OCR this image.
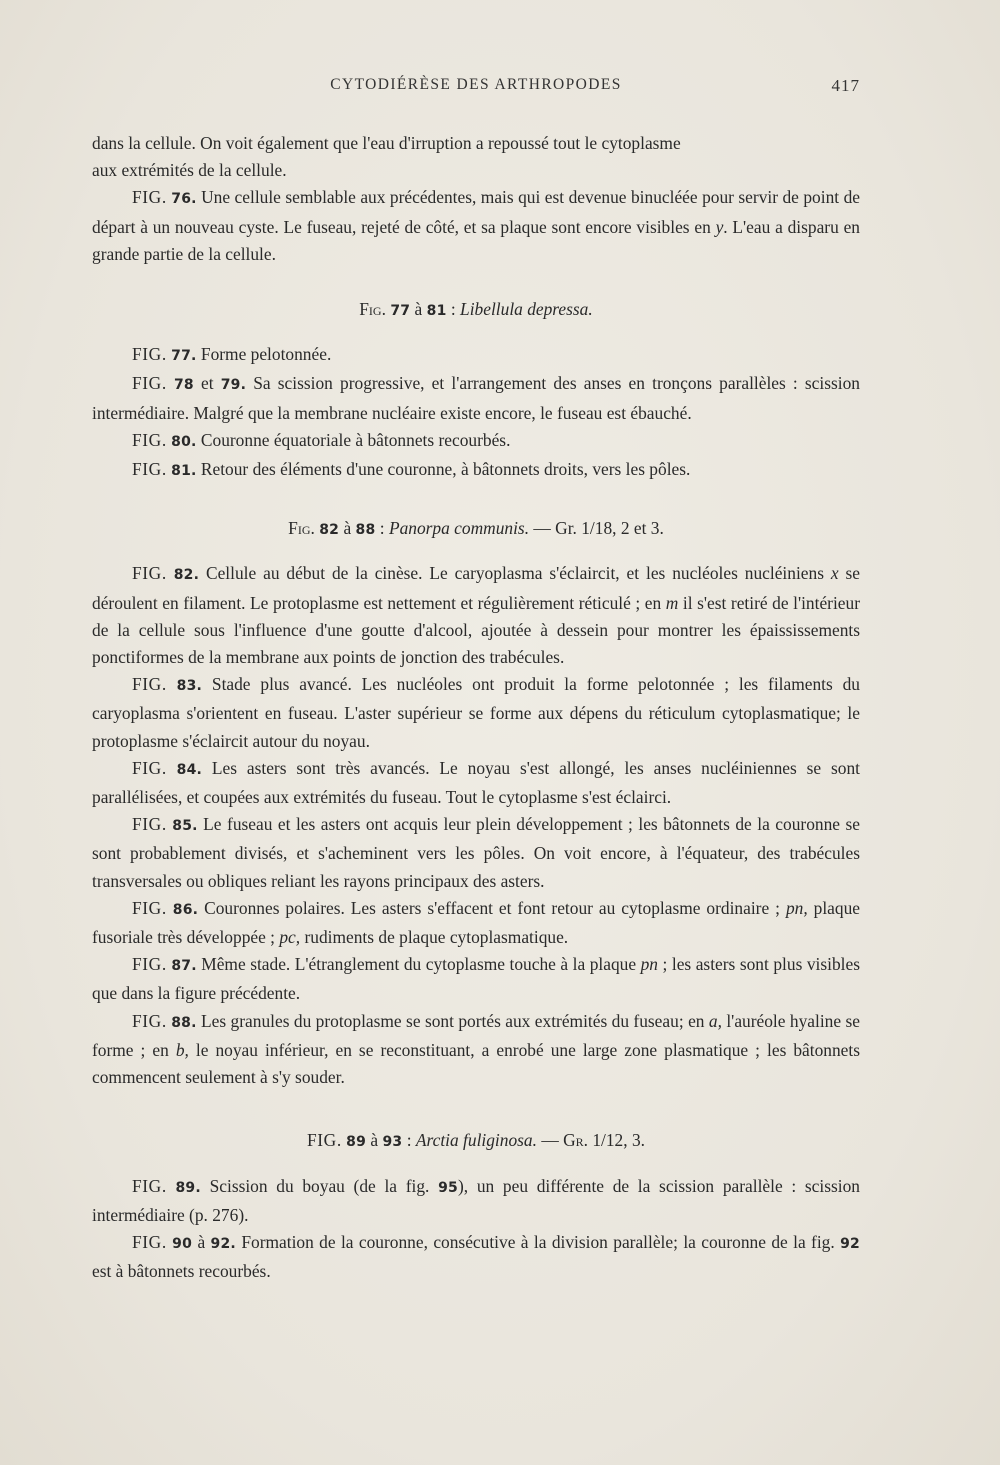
CYTODIÉRÈSE DES ARTHROPODES	417

dans la cellule. On voit également que l'eau d'irruption a repoussé tout le cytoplasme
aux extrémités de la cellule.

FIG. 76. Une cellule semblable aux précédentes, mais qui est devenue binucléée pour servir de point de départ à un nouveau cyste. Le fuseau, rejeté de côté, et sa plaque sont encore visibles en y. L'eau a disparu en grande partie de la cellule.

Fig. 77 à 81 : Libellula depressa.

FIG. 77. Forme pelotonnée.

FIG. 78 et 79. Sa scission progressive, et l'arrangement des anses en tronçons parallèles : scission intermédiaire. Malgré que la membrane nucléaire existe encore, le fuseau est ébauché.

FIG. 80. Couronne équatoriale à bâtonnets recourbés.

FIG. 81. Retour des éléments d'une couronne, à bâtonnets droits, vers les pôles.

Fig. 82 à 88 : Panorpa communis. — Gr. 1/18, 2 et 3.

FIG. 82. Cellule au début de la cinèse. Le caryoplasma s'éclaircit, et les nucléoles nucléiniens x se déroulent en filament. Le protoplasme est nettement et régulièrement réticulé ; en m il s'est retiré de l'intérieur de la cellule sous l'influence d'une goutte d'alcool, ajoutée à dessein pour montrer les épaississements ponctiformes de la membrane aux points de jonction des trabécules.

FIG. 83. Stade plus avancé. Les nucléoles ont produit la forme pelotonnée ; les filaments du caryoplasma s'orientent en fuseau. L'aster supérieur se forme aux dépens du réticulum cytoplasmatique; le protoplasme s'éclaircit autour du noyau.

FIG. 84. Les asters sont très avancés. Le noyau s'est allongé, les anses nucléiniennes se sont parallélisées, et coupées aux extrémités du fuseau. Tout le cytoplasme s'est éclairci.

FIG. 85. Le fuseau et les asters ont acquis leur plein développement ; les bâtonnets de la couronne se sont probablement divisés, et s'acheminent vers les pôles. On voit encore, à l'équateur, des trabécules transversales ou obliques reliant les rayons principaux des asters.

FIG. 86. Couronnes polaires. Les asters s'effacent et font retour au cytoplasme ordinaire ; pn, plaque fusoriale très développée ; pc, rudiments de plaque cytoplasmatique.

FIG. 87. Même stade. L'étranglement du cytoplasme touche à la plaque pn ; les asters sont plus visibles que dans la figure précédente.

FIG. 88. Les granules du protoplasme se sont portés aux extrémités du fuseau; en a, l'auréole hyaline se forme ; en b, le noyau inférieur, en se reconstituant, a enrobé une large zone plasmatique ; les bâtonnets commencent seulement à s'y souder.

FIG. 89 à 93 : Arctia fuliginosa. — Gr. 1/12, 3.

FIG. 89. Scission du boyau (de la fig. 95), un peu différente de la scission parallèle : scission intermédiaire (p. 276).

FIG. 90 à 92. Formation de la couronne, consécutive à la division parallèle; la couronne de la fig. 92 est à bâtonnets recourbés.
